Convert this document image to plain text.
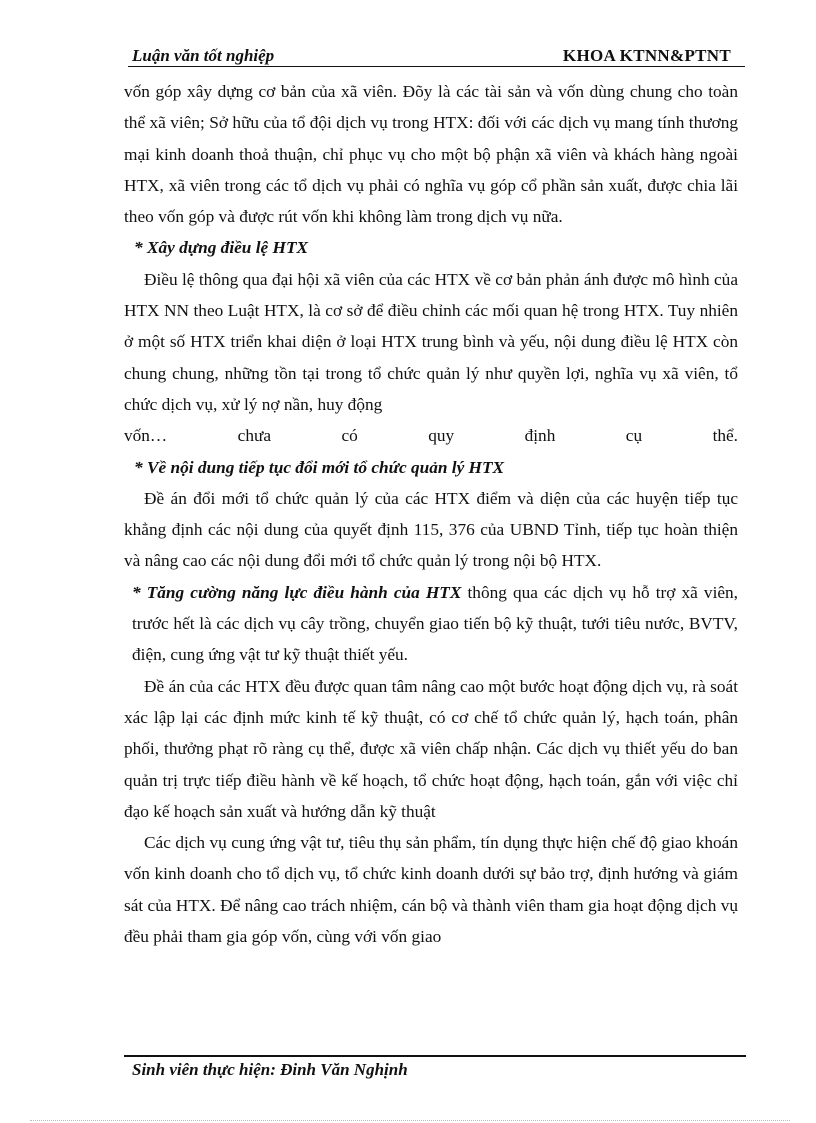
Luận văn tốt nghiệp	KHOA KTNN&PTNT

vốn góp xây dựng cơ bản của xã viên. Đõy là các tài sản và vốn dùng chung cho toàn thể xã viên; Sở hữu của tổ đội dịch vụ trong HTX: đối với các dịch vụ mang tính thương mại kinh doanh thoả thuận, chỉ phục vụ cho một bộ phận xã viên và khách hàng ngoài HTX, xã viên trong các tổ dịch vụ phải có nghĩa vụ góp cổ phần sản xuất, được chia lãi theo vốn góp và được rút vốn khi không làm trong dịch vụ nữa.

* Xây dựng điều lệ HTX

Điều lệ thông qua đại hội xã viên của các HTX về cơ bản phản ánh được mô hình của HTX NN theo Luật HTX, là cơ sở để điều chỉnh các mối quan hệ trong HTX. Tuy nhiên ở một số HTX triển khai diện ở loại HTX trung bình và yếu, nội dung điều lệ HTX còn chung chung, những tồn tại trong tổ chức quản lý như quyền lợi, nghĩa vụ xã viên, tổ chức dịch vụ, xử lý nợ nần, huy động

vốn…	chưa	có	quy	định	cụ	thể.

* Về nội dung tiếp tục đổi mới tổ chức quản lý HTX

Đề án đổi mới tổ chức quản lý của các HTX điểm và diện của các huyện tiếp tục khẳng định các nội dung của quyết định 115, 376 của UBND Tỉnh, tiếp tục hoàn thiện và nâng cao các nội dung đổi mới tổ chức quản lý trong nội bộ HTX.

* Tăng cường năng lực điều hành của HTX thông qua các dịch vụ hỗ trợ xã viên, trước hết là các dịch vụ cây trồng, chuyển giao tiến bộ kỹ thuật, tưới tiêu nước, BVTV, điện, cung ứng vật tư kỹ thuật thiết yếu.

Đề án của các HTX đều được quan tâm nâng cao một bước hoạt động dịch vụ, rà soát xác lập lại các định mức kinh tế kỹ thuật, có cơ chế tổ chức quản lý, hạch toán, phân phối, thưởng phạt rõ ràng cụ thể, được xã viên chấp nhận. Các dịch vụ thiết yếu do ban quản trị trực tiếp điều hành về kế hoạch, tổ chức hoạt động, hạch toán, gắn với việc chỉ đạo kế hoạch sản xuất và hướng dẫn kỹ thuật

Các dịch vụ cung ứng vật tư, tiêu thụ sản phẩm, tín dụng thực hiện chế độ giao khoán vốn kinh doanh cho tổ dịch vụ, tổ chức kinh doanh dưới sự bảo trợ, định hướng và giám sát của HTX. Để nâng cao trách nhiệm, cán bộ và thành viên tham gia hoạt động dịch vụ đều phải tham gia góp vốn, cùng với vốn giao

Sinh viên thực hiện: Đinh Văn Nghịnh
